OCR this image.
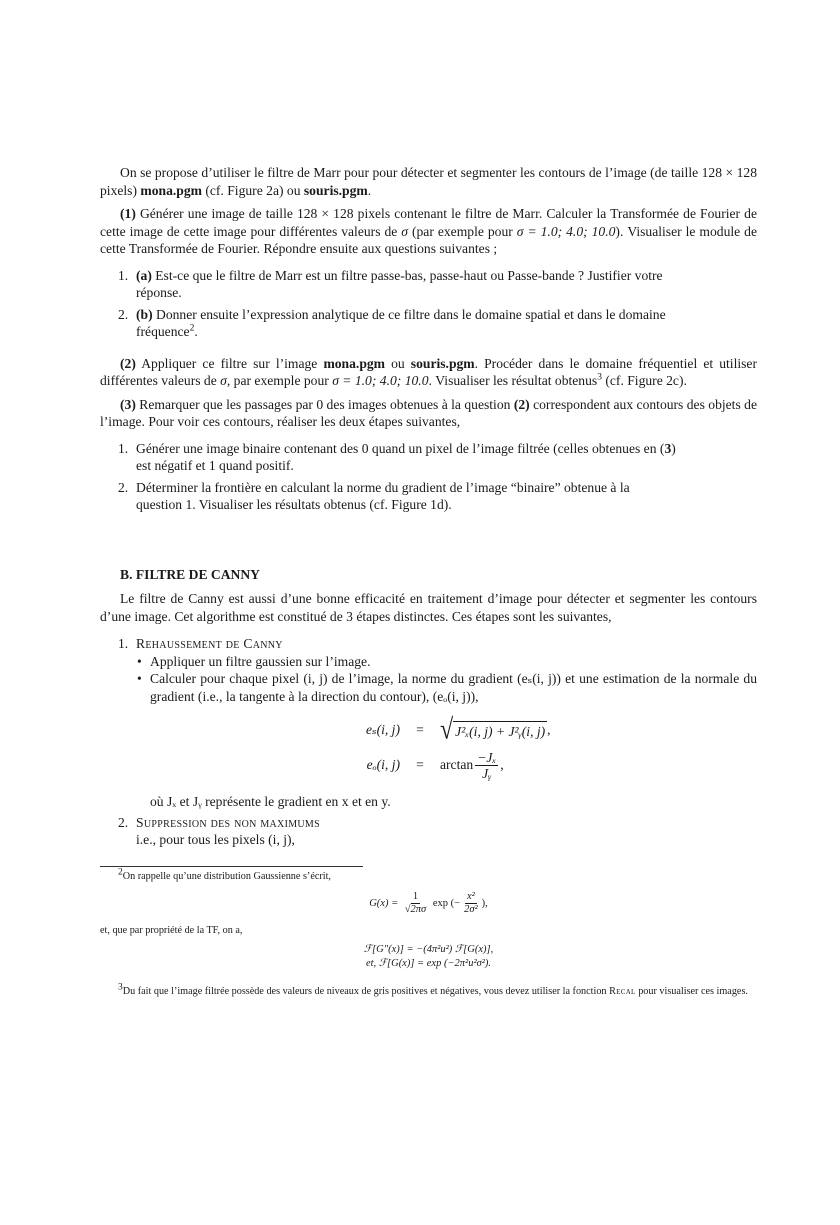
On se propose d’utiliser le filtre de Marr pour pour détecter et segmenter les contours de l’image (de taille 128 × 128 pixels) mona.pgm (cf. Figure 2a) ou souris.pgm.

(1) Générer une image de taille 128 × 128 pixels contenant le filtre de Marr. Calculer la Transformée de Fourier de cette image de cette image pour différentes valeurs de σ (par exemple pour σ = 1.0; 4.0; 10.0). Visualiser le module de cette Transformée de Fourier. Répondre ensuite aux questions suivantes ;

1. (a) Est-ce que le filtre de Marr est un filtre passe-bas, passe-haut ou Passe-bande ? Justifier votre réponse.
2. (b) Donner ensuite l’expression analytique de ce filtre dans le domaine spatial et dans le domaine fréquence$^2$.

(2) Appliquer ce filtre sur l’image mona.pgm ou souris.pgm. Procéder dans le domaine fréquentiel et utiliser différentes valeurs de σ, par exemple pour σ = 1.0; 4.0; 10.0. Visualiser les résultat obtenus$^3$ (cf. Figure 2c).

(3) Remarquer que les passages par 0 des images obtenues à la question (2) correspondent aux contours des objets de l’image. Pour voir ces contours, réaliser les deux étapes suivantes,

1. Générer une image binaire contenant des 0 quand un pixel de l’image filtrée (celles obtenues en (3) est négatif et 1 quand positif.
2. Déterminer la frontière en calculant la norme du gradient de l’image “binaire” obtenue à la question 1. Visualiser les résultats obtenus (cf. Figure 1d).
B. FILTRE DE CANNY

Le filtre de Canny est aussi d’une bonne efficacité en traitement d’image pour détecter et segmenter les contours d’une image. Cet algorithme est constitué de 3 étapes distinctes. Ces étapes sont les suivantes,

1. Rehaussement de Canny
• Appliquer un filtre gaussien sur l’image.
• Calculer pour chaque pixel (i, j) de l’image, la norme du gradient (eₛ(i, j)) et une estimation de la normale du gradient (i.e., la tangente à la direction du contour), (eₒ(i, j)),
eₛ(i, j)	= √ J²ₓ(i, j) + J²ᵧ(i, j) ,
eₒ(i, j)	=	$\arctan \frac{\text{−Jₓ}}{\text{Jᵧ}}$ ,

où Jₓ et Jᵧ représente le gradient en x et en y.

2. Suppression des non maximums

i.e., pour tous les pixels (i, j),

$^2$On rappelle qu’une distribution Gaussienne s’écrit,

$G(x) = \frac{1}{√2\pi\sigma}$ exp (− $\frac{\text{x²}}{\text{2σ²}}$ ),

et, que par propriété de la TF, on a,

ℱ[G″(x)] = −(4π²u²) ℱ[G(x)],
et, ℱ[G(x)] = exp (−2π²u²σ²).

$^3$Du fait que l’image filtrée possède des valeurs de niveaux de gris positives et négatives, vous devez utiliser la fonction Recal pour visualiser ces images.
